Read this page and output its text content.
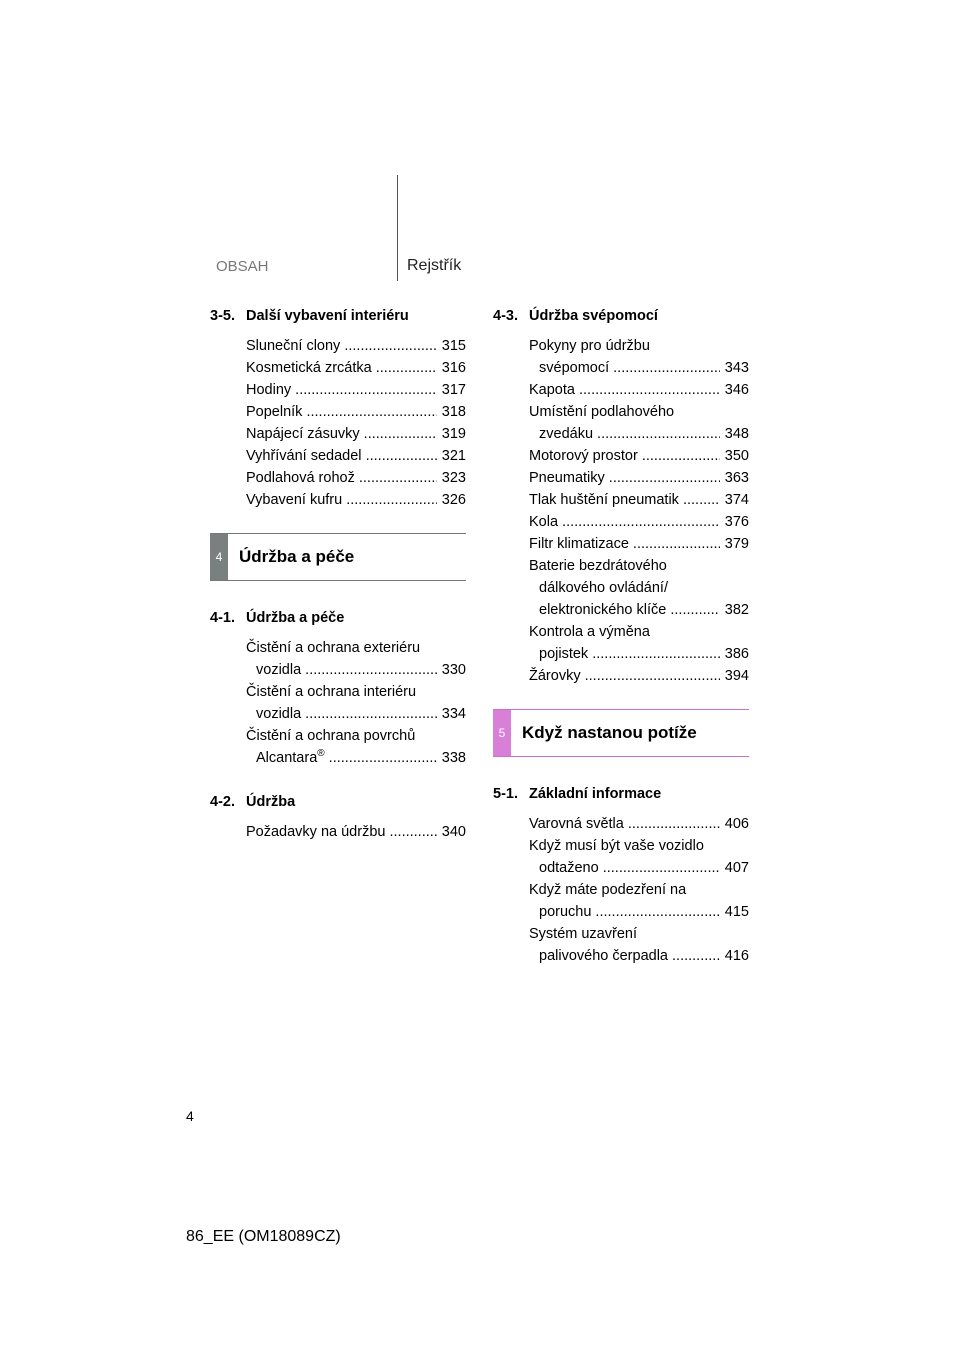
OBSAH	Rejstřík
3-5. Další vybavení interiéru
Sluneční clony .....	315
Kosmetická zrcátka .....	316
Hodiny .....	317
Popelník .....	318
Napájecí zásuvky .....	319
Vyhřívání sedadel .....	321
Podlahová rohož .....	323
Vybavení kufru .....	326
4 Údržba a péče
4-1. Údržba a péče
Čistění a ochrana exteriéru
vozidla .....	330
Čistění a ochrana interiéru
vozidla .....	334
Čistění a ochrana povrchů
Alcantara® .....	338
4-2. Údržba
Požadavky na údržbu .....	340
4-3. Údržba svépomocí
Pokyny pro údržbu
svépomocí .....	343
Kapota .....	346
Umístění podlahového
zvedáku .....	348
Motorový prostor .....	350
Pneumatiky .....	363
Tlak huštění pneumatik .....	374
Kola .....	376
Filtr klimatizace .....	379
Baterie bezdrátového
dálkového ovládání/
elektronického klíče .....	382
Kontrola a výměna
pojistek .....	386
Žárovky .....	394
5 Když nastanou potíže
5-1. Základní informace
Varovná světla .....	406
Když musí být vaše vozidlo
odtaženo .....	407
Když máte podezření na
poruchu .....	415
Systém uzavření
palivového čerpadla .....	416
4
86_EE (OM18089CZ)
